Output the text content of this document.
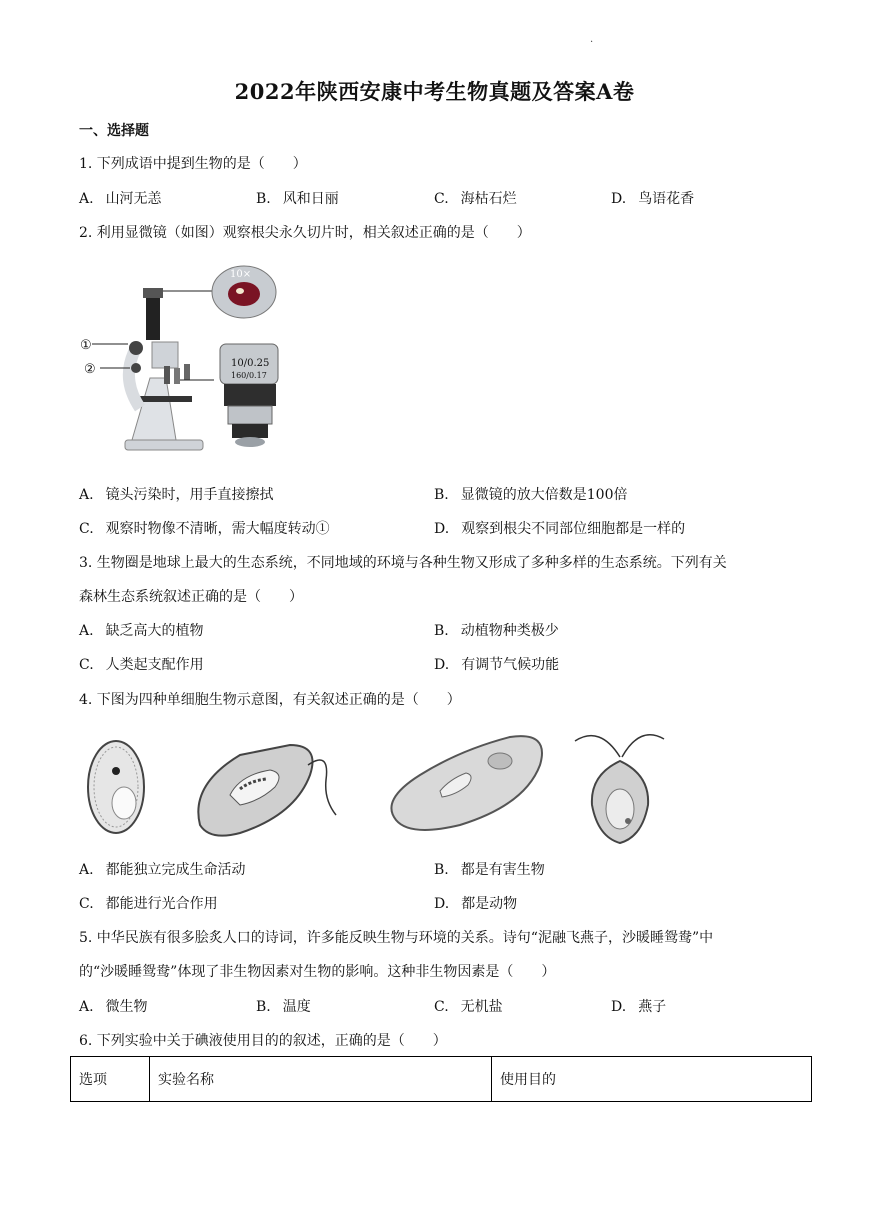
.
2022年陕西安康中考生物真题及答案A卷
一、选择题
1. 下列成语中提到生物的是（　　）
A. 山河无恙	B. 风和日丽	C. 海枯石烂	D. 鸟语花香
2. 利用显微镜（如图）观察根尖永久切片时，相关叙述正确的是（　　）
①
②
10×
10/0.25
160/0.17
A. 镜头污染时，用手直接擦拭	B. 显微镜的放大倍数是100倍
C. 观察时物像不清晰，需大幅度转动①	D. 观察到根尖不同部位细胞都是一样的
3. 生物圈是地球上最大的生态系统，不同地域的环境与各种生物又形成了多种多样的生态系统。下列有关
森林生态系统叙述正确的是（　　）
A. 缺乏高大的植物	B. 动植物种类极少
C. 人类起支配作用	D. 有调节气候功能
4. 下图为四种单细胞生物示意图，有关叙述正确的是（　　）
A. 都能独立完成生命活动	B. 都是有害生物
C. 都能进行光合作用	D. 都是动物
5. 中华民族有很多脍炙人口的诗词，许多能反映生物与环境的关系。诗句“泥融飞燕子，沙暖睡鸳鸯”中
的“沙暖睡鸳鸯”体现了非生物因素对生物的影响。这种非生物因素是（　　）
A. 微生物	B. 温度	C. 无机盐	D. 燕子
6. 下列实验中关于碘液使用目的的叙述，正确的是（　　）
选项	实验名称	使用目的
